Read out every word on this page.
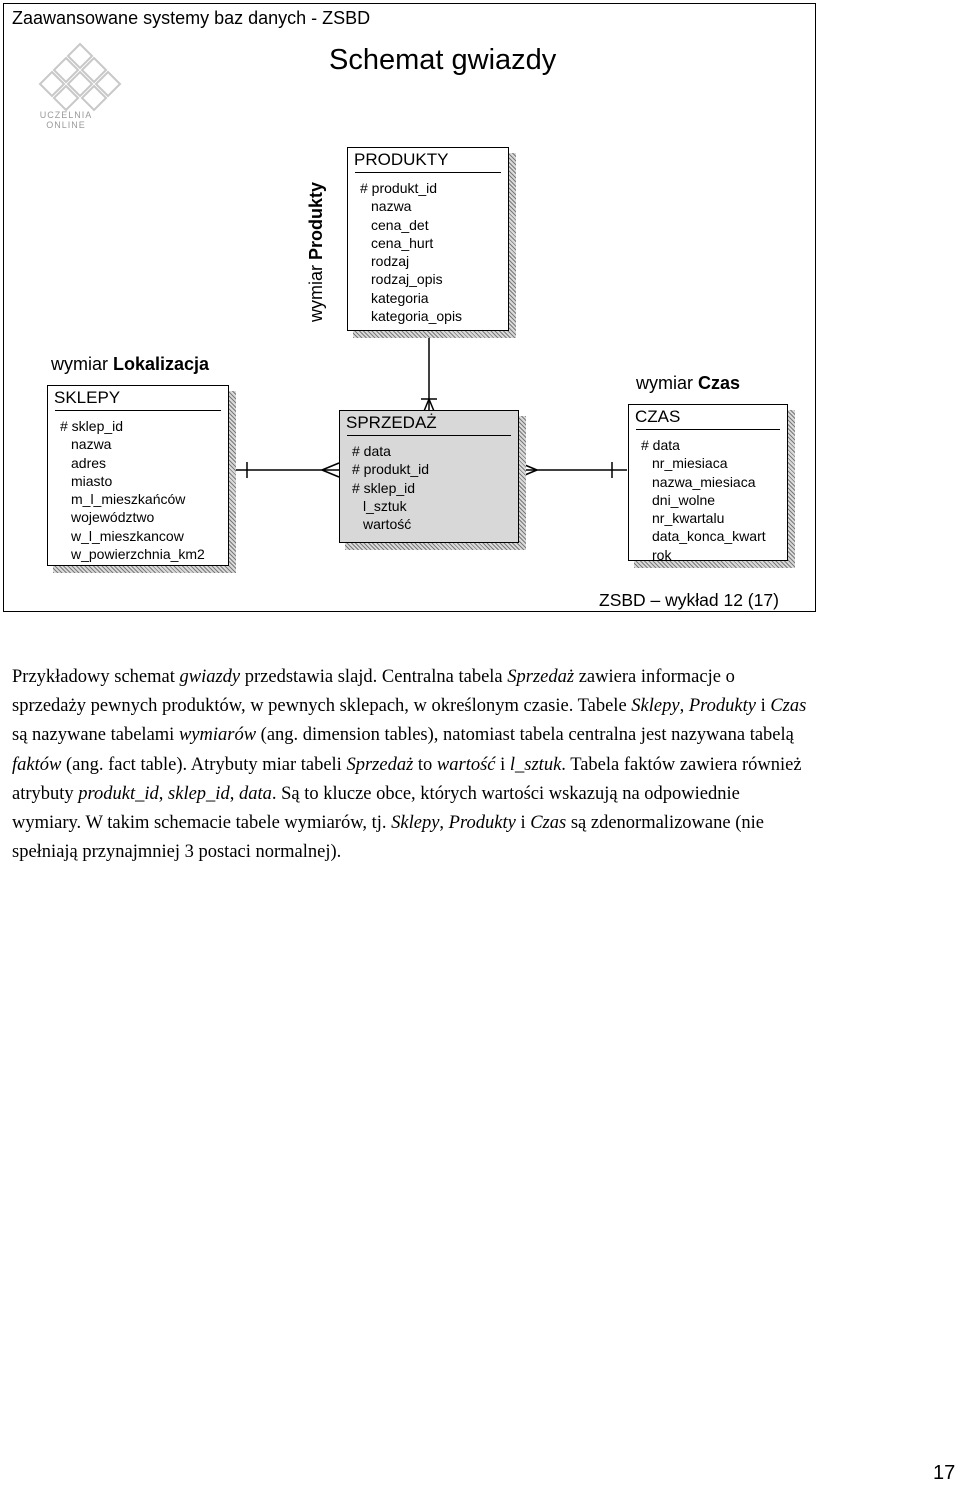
Zaawansowane systemy baz danych - ZSBD
Schemat gwiazdy
UCZELNIA ONLINE
wymiar Produkty
PRODUKTY
# produkt_id
nazwa
cena_det
cena_hurt
rodzaj
rodzaj_opis
kategoria
kategoria_opis
wymiar Lokalizacja
SKLEPY
# sklep_id
nazwa
adres
miasto
m_l_mieszkańców
województwo
w_l_mieszkancow
w_powierzchnia_km2
SPRZEDAŻ
# data
# produkt_id
# sklep_id
l_sztuk
wartość
wymiar Czas
CZAS
# data
nr_miesiaca
nazwa_miesiaca
dni_wolne
nr_kwartalu
data_konca_kwart
rok
ZSBD – wykład 12 (17)

Przykładowy schemat gwiazdy przedstawia slajd. Centralna tabela Sprzedaż zawiera informacje o sprzedaży pewnych produktów, w pewnych sklepach, w określonym czasie. Tabele Sklepy, Produkty i Czas są nazywane tabelami wymiarów (ang. dimension tables), natomiast tabela centralna jest nazywana tabelą faktów (ang. fact table). Atrybuty miar tabeli Sprzedaż to wartość i l_sztuk. Tabela faktów zawiera również atrybuty produkt_id, sklep_id, data. Są to klucze obce, których wartości wskazują na odpowiednie wymiary. W takim schemacie tabele wymiarów, tj. Sklepy, Produkty i Czas są zdenormalizowane (nie spełniają przynajmniej 3 postaci normalnej).

17
